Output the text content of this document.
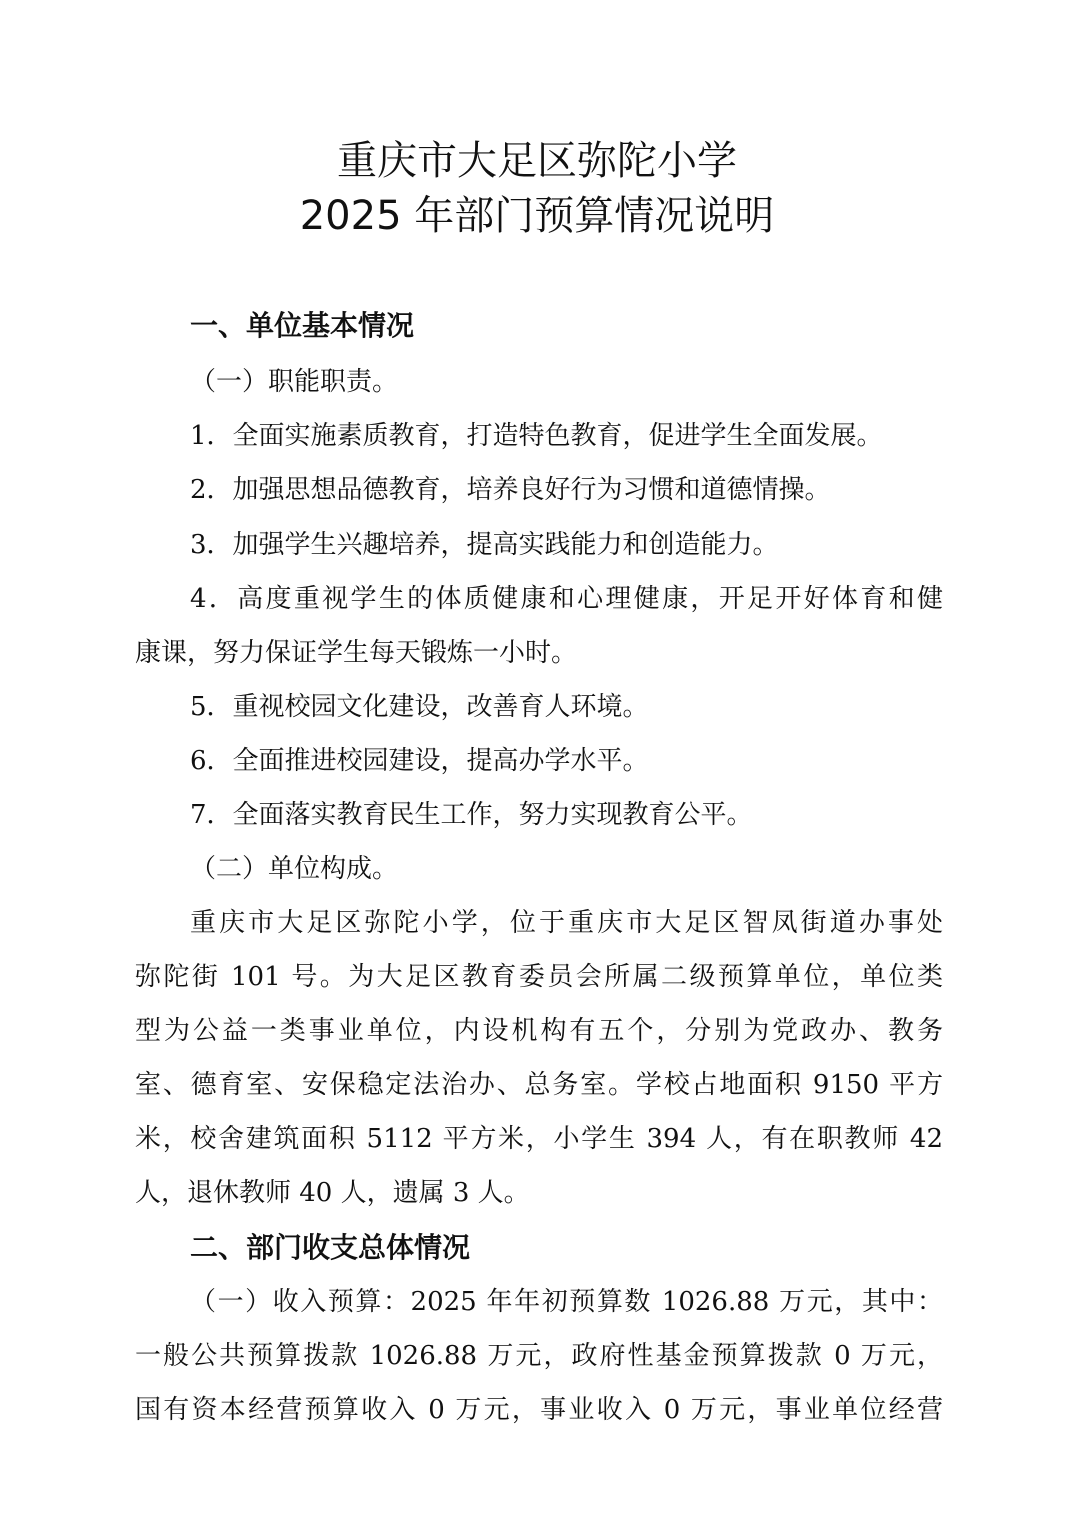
重庆市大足区弥陀小学
2025 年部门预算情况说明
一、单位基本情况
（一）职能职责。
1．全面实施素质教育，打造特色教育，促进学生全面发展。
2．加强思想品德教育，培养良好行为习惯和道德情操。
3．加强学生兴趣培养，提高实践能力和创造能力。
4．高度重视学生的体质健康和心理健康，开足开好体育和健
康课，努力保证学生每天锻炼一小时。
5．重视校园文化建设，改善育人环境。
6．全面推进校园建设，提高办学水平。
7．全面落实教育民生工作，努力实现教育公平。
（二）单位构成。
重庆市大足区弥陀小学，位于重庆市大足区智凤街道办事处
弥陀街 101 号。为大足区教育委员会所属二级预算单位，单位类
型为公益一类事业单位，内设机构有五个，分别为党政办、教务
室、德育室、安保稳定法治办、总务室。学校占地面积 9150 平方
米，校舍建筑面积 5112 平方米，小学生 394 人，有在职教师 42
人，退休教师 40 人，遗属 3 人。
二、部门收支总体情况
（一）收入预算：2025 年年初预算数 1026.88 万元，其中：
一般公共预算拨款 1026.88 万元，政府性基金预算拨款 0 万元，
国有资本经营预算收入 0 万元，事业收入 0 万元，事业单位经营
